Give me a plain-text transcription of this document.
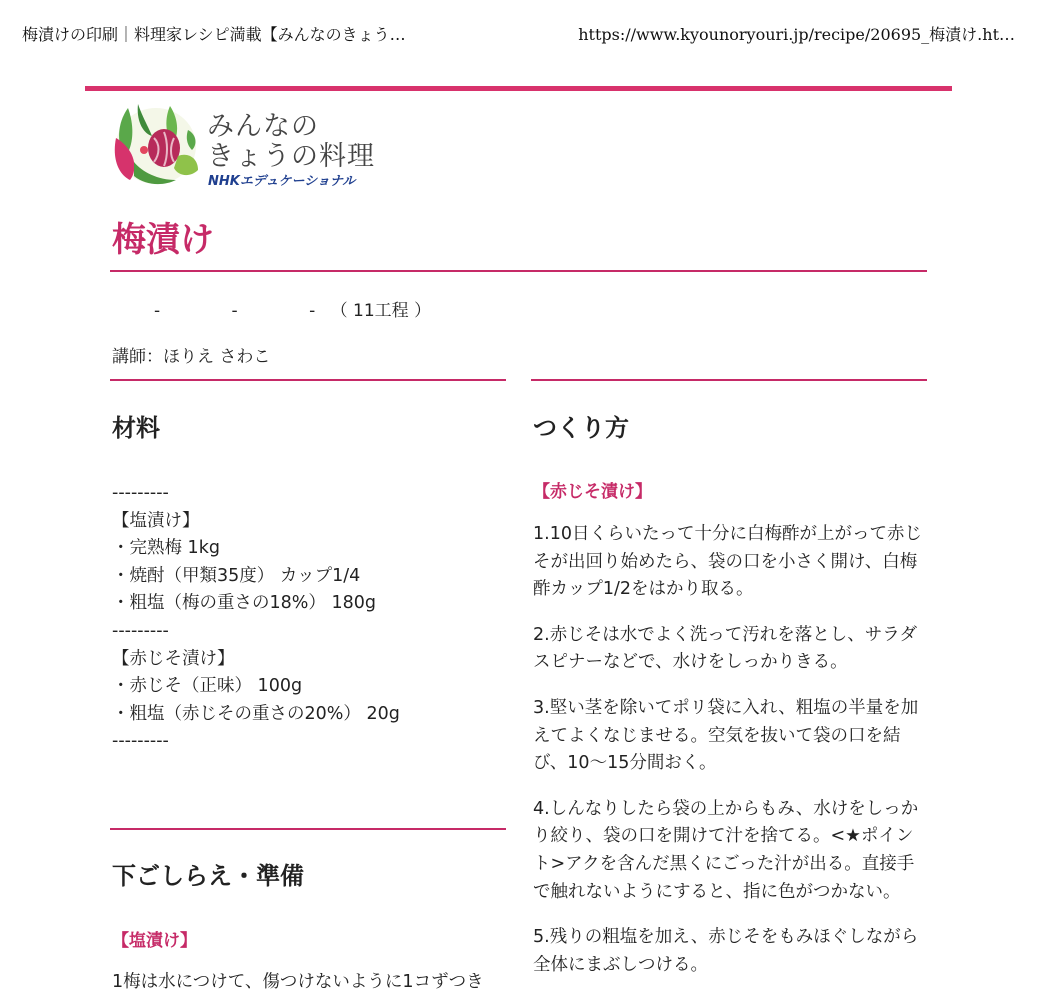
梅漬けの印刷｜料理家レシピ満載【みんなのきょう…	https://www.kyounoryouri.jp/recipe/20695_梅漬け.ht…
みんなの
きょうの料理
NHKエデュケーショナル
梅漬け
-	-	- （ 11工程 ）
講師：ほりえ さわこ
材料
---------
【塩漬け】
・完熟梅 1kg
・焼酎（甲類35度） カップ1/4
・粗塩（梅の重さの18%） 180g
---------
【赤じそ漬け】
・赤じそ（正味） 100g
・粗塩（赤じその重さの20%） 20g
---------
下ごしらえ・準備
【塩漬け】
1梅は水につけて、傷つけないように1コずつき
つくり方
【赤じそ漬け】

1.10日くらいたって十分に白梅酢が上がって赤じそが出回り始めたら、袋の口を小さく開け、白梅酢カップ1/2をはかり取る。

2.赤じそは水でよく洗って汚れを落とし、サラダスピナーなどで、水けをしっかりきる。

3.堅い茎を除いてポリ袋に入れ、粗塩の半量を加えてよくなじませる。空気を抜いて袋の口を結び、10〜15分間おく。

4.しんなりしたら袋の上からもみ、水けをしっかり絞り、袋の口を開けて汁を捨てる。<★ポイント>アクを含んだ黒くにごった汁が出る。直接手で触れないようにすると、指に色がつかない。

5.残りの粗塩を加え、赤じそをもみほぐしながら全体にまぶしつける。
